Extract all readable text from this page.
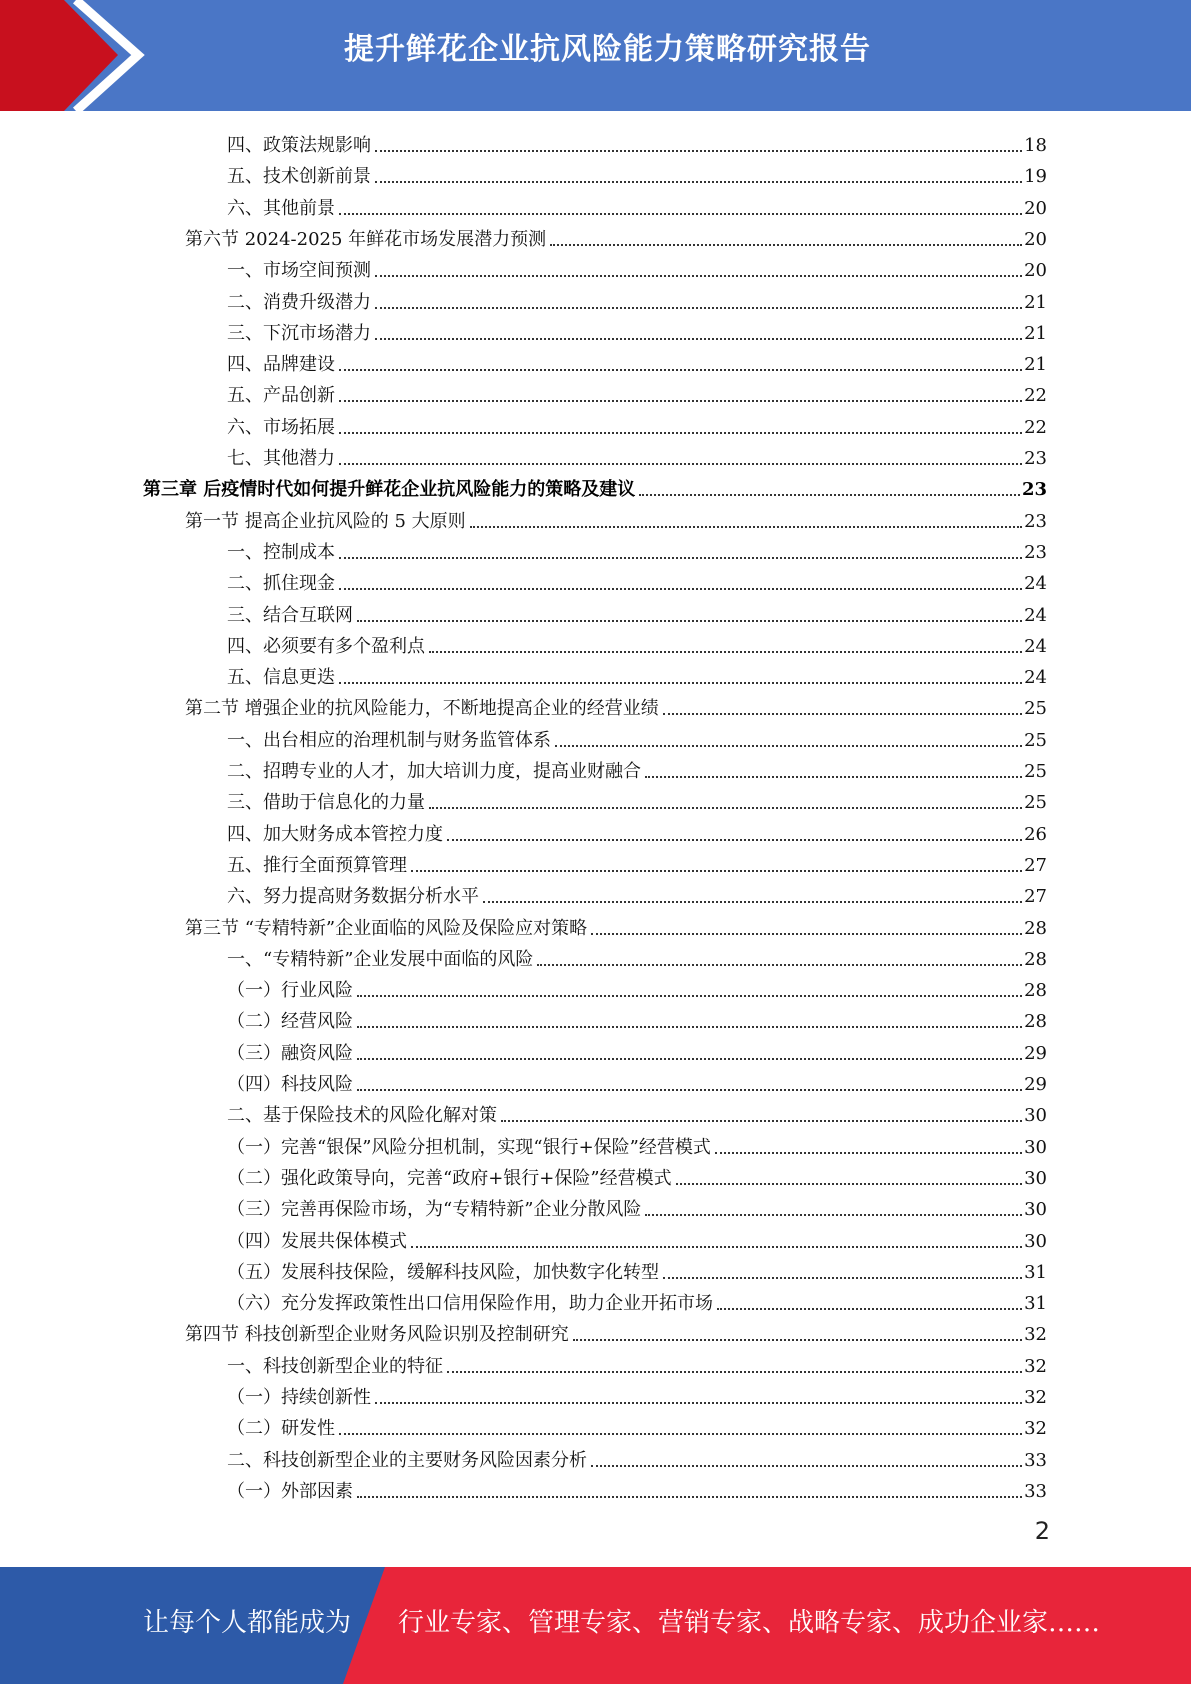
提升鲜花企业抗风险能力策略研究报告
四、政策法规影响	18
五、技术创新前景	19
六、其他前景	20
第六节 2024-2025 年鲜花市场发展潜力预测	20
一、市场空间预测	20
二、消费升级潜力	21
三、下沉市场潜力	21
四、品牌建设	21
五、产品创新	22
六、市场拓展	22
七、其他潜力	23
第三章 后疫情时代如何提升鲜花企业抗风险能力的策略及建议	23
第一节 提高企业抗风险的 5 大原则	23
一、控制成本	23
二、抓住现金	24
三、结合互联网	24
四、必须要有多个盈利点	24
五、信息更迭	24
第二节 增强企业的抗风险能力，不断地提高企业的经营业绩	25
一、出台相应的治理机制与财务监管体系	25
二、招聘专业的人才，加大培训力度，提高业财融合	25
三、借助于信息化的力量	25
四、加大财务成本管控力度	26
五、推行全面预算管理	27
六、努力提高财务数据分析水平	27
第三节 “专精特新”企业面临的风险及保险应对策略	28
一、“专精特新”企业发展中面临的风险	28
（一）行业风险	28
（二）经营风险	28
（三）融资风险	29
（四）科技风险	29
二、基于保险技术的风险化解对策	30
（一）完善“银保”风险分担机制，实现“银行+保险”经营模式	30
（二）强化政策导向，完善“政府+银行+保险”经营模式	30
（三）完善再保险市场，为“专精特新”企业分散风险	30
（四）发展共保体模式	30
（五）发展科技保险，缓解科技风险，加快数字化转型	31
（六）充分发挥政策性出口信用保险作用，助力企业开拓市场	31
第四节 科技创新型企业财务风险识别及控制研究	32
一、科技创新型企业的特征	32
（一）持续创新性	32
（二）研发性	32
二、科技创新型企业的主要财务风险因素分析	33
（一）外部因素	33
2
让每个人都能成为 行业专家、管理专家、营销专家、战略专家、成功企业家……
